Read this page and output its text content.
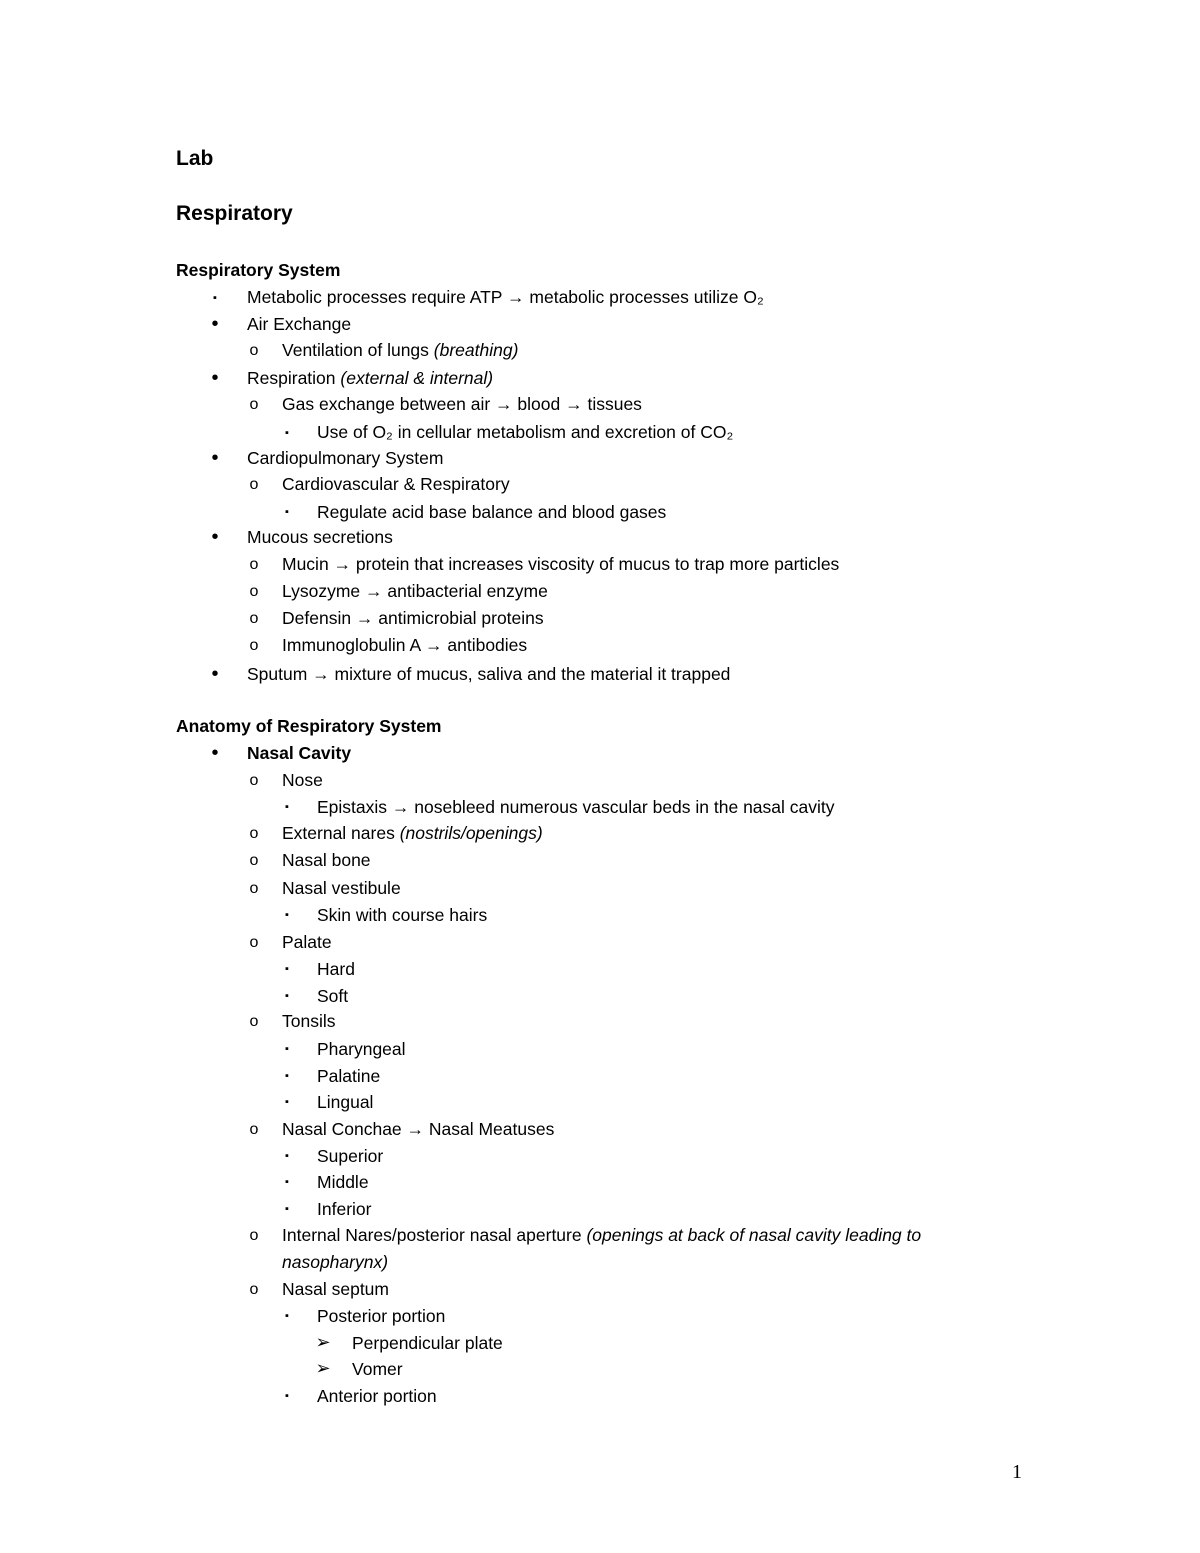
Lab
Respiratory
Respiratory System
▪	Metabolic processes require ATP → metabolic processes utilize O₂
•	Air Exchange
o	Ventilation of lungs (breathing)
•	Respiration (external & internal)
o	Gas exchange between air → blood → tissues
▪	Use of O₂ in cellular metabolism and excretion of CO₂
•	Cardiopulmonary System
o	Cardiovascular & Respiratory
▪	Regulate acid base balance and blood gases
•	Mucous secretions
o	Mucin → protein that increases viscosity of mucus to trap more particles
o	Lysozyme → antibacterial enzyme
o	Defensin → antimicrobial proteins
o	Immunoglobulin A → antibodies
•	Sputum → mixture of mucus, saliva and the material it trapped
Anatomy of Respiratory System
•	Nasal Cavity
o	Nose
▪	Epistaxis → nosebleed numerous vascular beds in the nasal cavity
o	External nares (nostrils/openings)
o	Nasal bone
o	Nasal vestibule
▪	Skin with course hairs
o	Palate
▪	Hard
▪	Soft
o	Tonsils
▪	Pharyngeal
▪	Palatine
▪	Lingual
o	Nasal Conchae → Nasal Meatuses
▪	Superior
▪	Middle
▪	Inferior
o	Internal Nares/posterior nasal aperture (openings at back of nasal cavity leading to
nasopharynx)
o	Nasal septum
▪	Posterior portion
➢ Perpendicular plate
➢ Vomer
▪	Anterior portion
1
